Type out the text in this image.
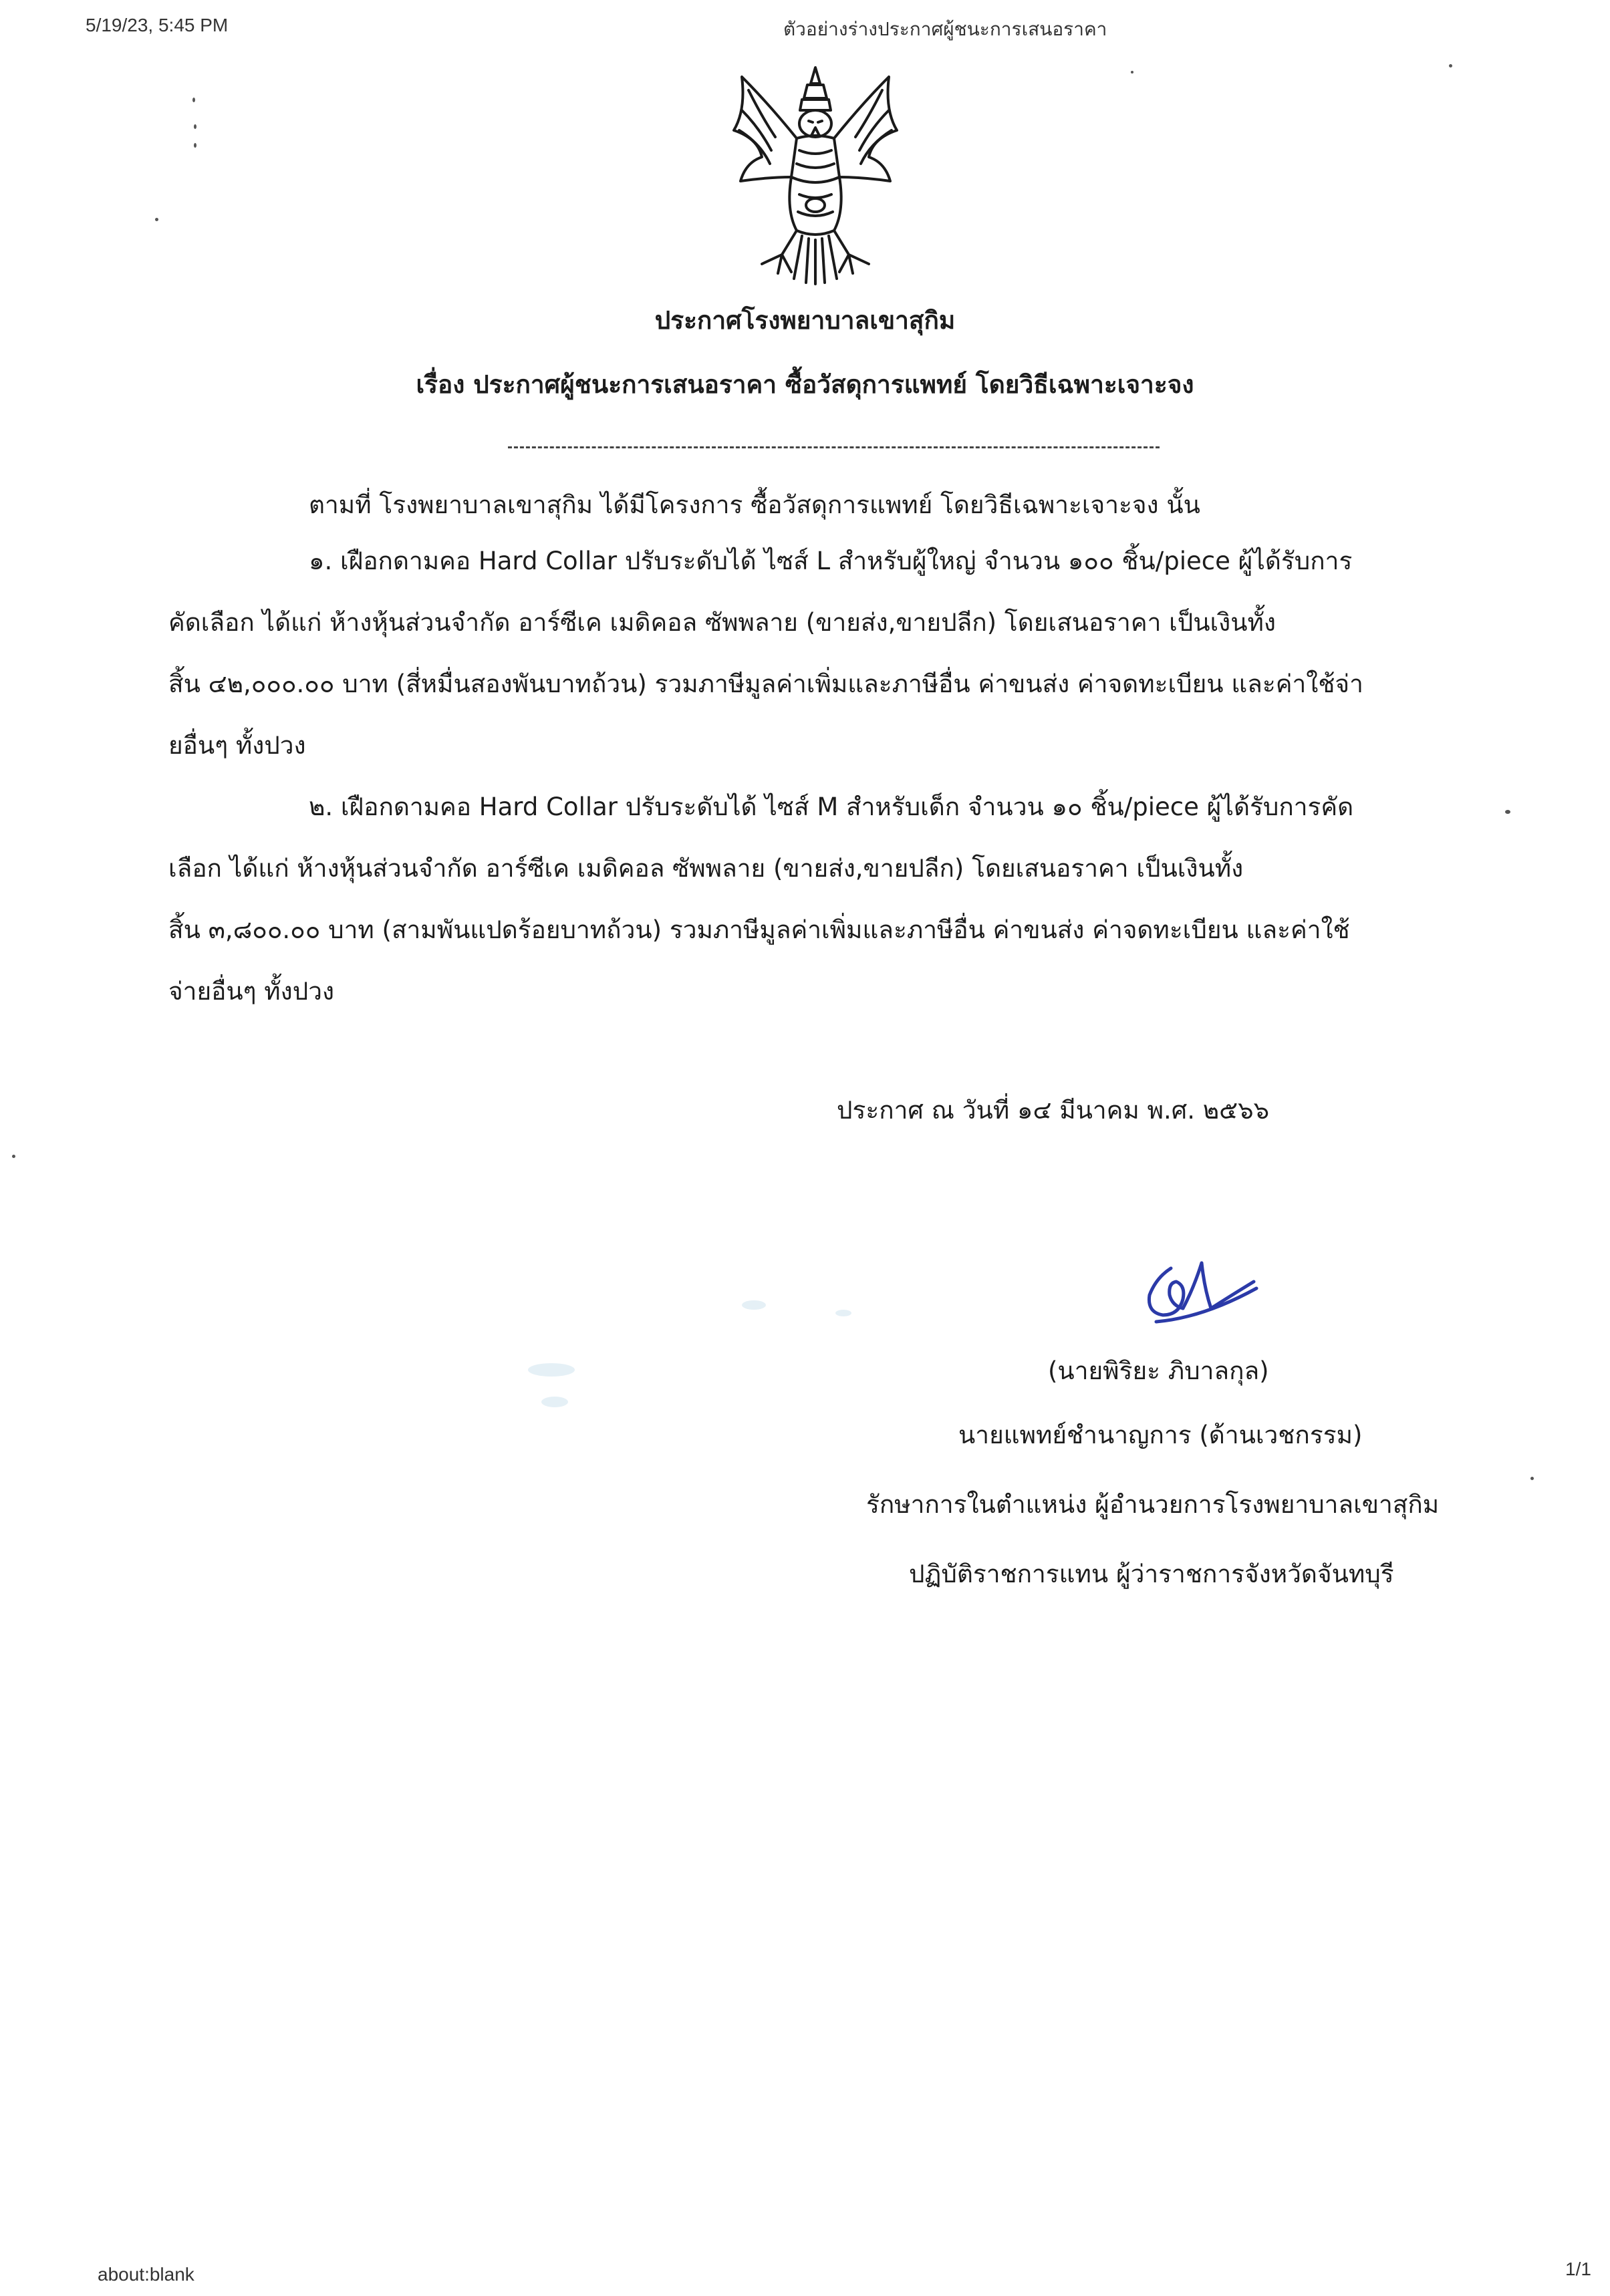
5/19/23, 5:45 PM	ตัวอย่างร่างประกาศผู้ชนะการเสนอราคา
ประกาศโรงพยาบาลเขาสุกิม
เรื่อง ประกาศผู้ชนะการเสนอราคา ซื้อวัสดุการแพทย์ โดยวิธีเฉพาะเจาะจง
ตามที่ โรงพยาบาลเขาสุกิม ได้มีโครงการ ซื้อวัสดุการแพทย์ โดยวิธีเฉพาะเจาะจง นั้น
๑. เฝือกดามคอ Hard Collar ปรับระดับได้ ไซส์ L สำหรับผู้ใหญ่ จำนวน ๑๐๐ ชิ้น/piece ผู้ได้รับการ
คัดเลือก ได้แก่ ห้างหุ้นส่วนจำกัด อาร์ซีเค เมดิคอล ซัพพลาย (ขายส่ง,ขายปลีก) โดยเสนอราคา เป็นเงินทั้ง
สิ้น ๔๒,๐๐๐.๐๐ บาท (สี่หมื่นสองพันบาทถ้วน) รวมภาษีมูลค่าเพิ่มและภาษีอื่น ค่าขนส่ง ค่าจดทะเบียน และค่าใช้จ่า
ยอื่นๆ ทั้งปวง
๒. เฝือกดามคอ Hard Collar ปรับระดับได้ ไซส์ M สำหรับเด็ก จำนวน ๑๐ ชิ้น/piece ผู้ได้รับการคัด
เลือก ได้แก่ ห้างหุ้นส่วนจำกัด อาร์ซีเค เมดิคอล ซัพพลาย (ขายส่ง,ขายปลีก) โดยเสนอราคา เป็นเงินทั้ง
สิ้น ๓,๘๐๐.๐๐ บาท (สามพันแปดร้อยบาทถ้วน) รวมภาษีมูลค่าเพิ่มและภาษีอื่น ค่าขนส่ง ค่าจดทะเบียน และค่าใช้
จ่ายอื่นๆ ทั้งปวง
ประกาศ ณ วันที่ ๑๔ มีนาคม พ.ศ. ๒๕๖๖
(นายพิริยะ ภิบาลกุล)
นายแพทย์ชำนาญการ (ด้านเวชกรรม)
รักษาการในตำแหน่ง ผู้อำนวยการโรงพยาบาลเขาสุกิม
ปฏิบัติราชการแทน ผู้ว่าราชการจังหวัดจันทบุรี
about:blank	1/1
